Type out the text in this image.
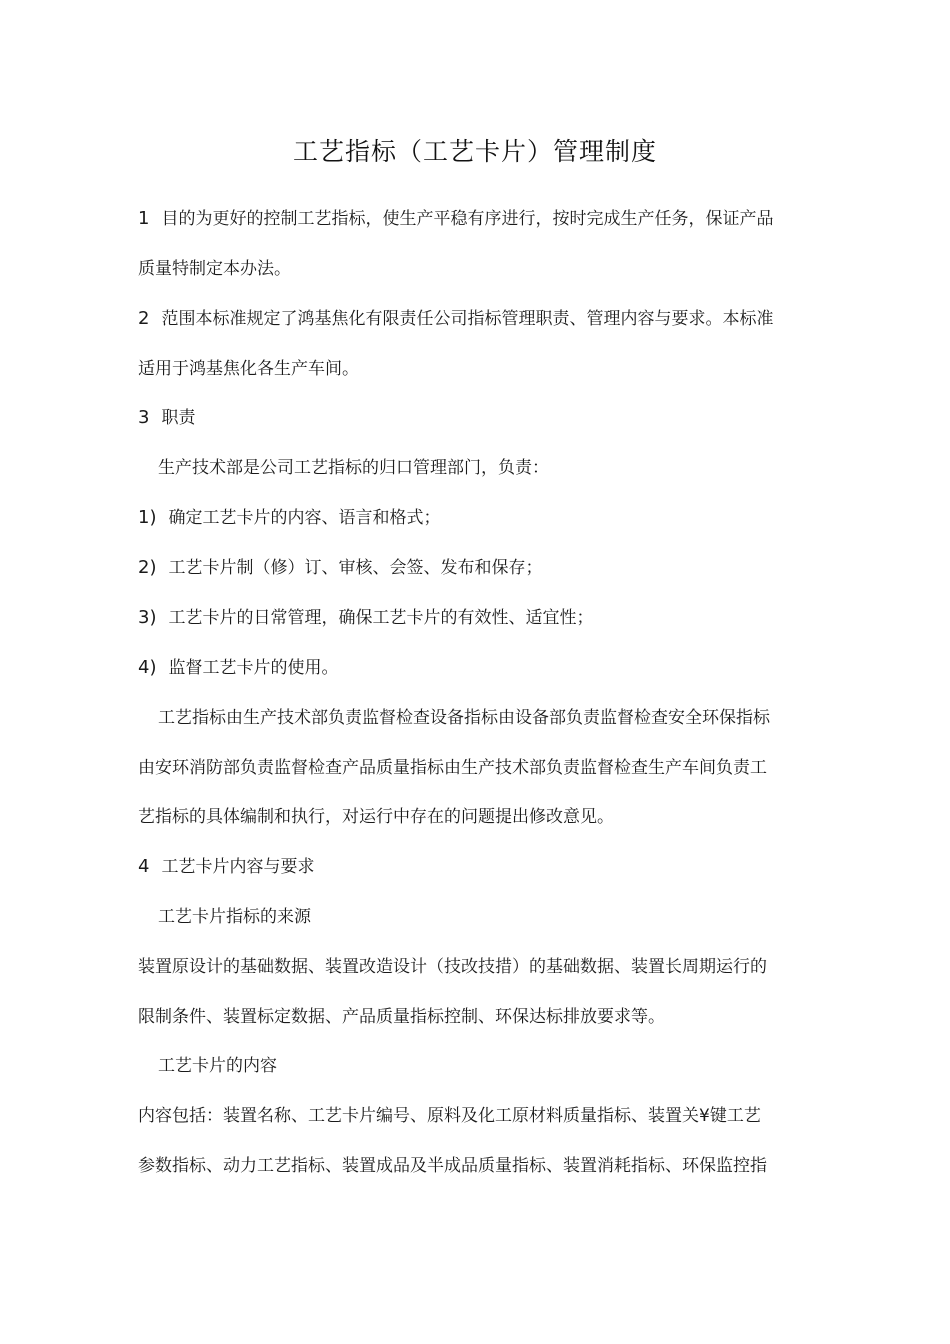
工艺指标（工艺卡片）管理制度
1 目的为更好的控制工艺指标，使生产平稳有序进行，按时完成生产任务，保证产品
质量特制定本办法。
2 范围本标准规定了鸿基焦化有限责任公司指标管理职责、管理内容与要求。本标准
适用于鸿基焦化各生产车间。
3 职责
生产技术部是公司工艺指标的归口管理部门，负责：
1) 确定工艺卡片的内容、语言和格式；
2) 工艺卡片制（修）订、审核、会签、发布和保存；
3) 工艺卡片的日常管理，确保工艺卡片的有效性、适宜性；
4) 监督工艺卡片的使用。
工艺指标由生产技术部负责监督检查设备指标由设备部负责监督检查安全环保指标
由安环消防部负责监督检查产品质量指标由生产技术部负责监督检查生产车间负责工
艺指标的具体编制和执行，对运行中存在的问题提出修改意见。
4 工艺卡片内容与要求
工艺卡片指标的来源
装置原设计的基础数据、装置改造设计（技改技措）的基础数据、装置长周期运行的
限制条件、装置标定数据、产品质量指标控制、环保达标排放要求等。
工艺卡片的内容
内容包括：装置名称、工艺卡片编号、原料及化工原材料质量指标、装置关¥键工艺
参数指标、动力工艺指标、装置成品及半成品质量指标、装置消耗指标、环保监控指
